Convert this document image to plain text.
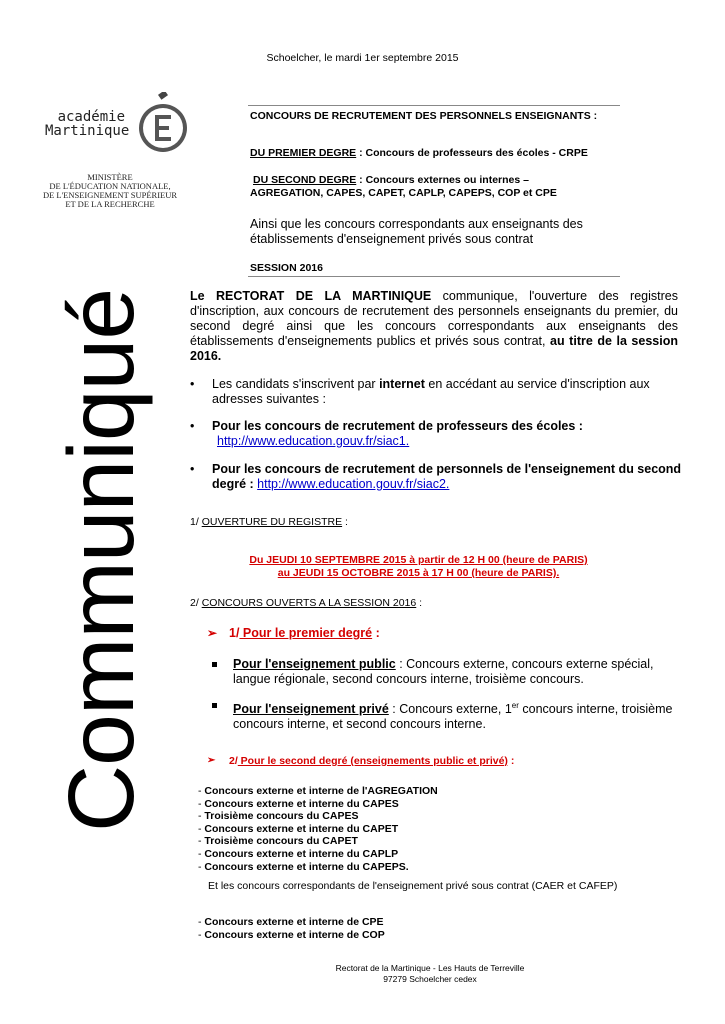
Schoelcher, le mardi 1er septembre 2015
académie
Martinique
MINISTÈRE
DE L'ÉDUCATION NATIONALE,
DE L'ENSEIGNEMENT SUPÉRIEUR
ET DE LA RECHERCHE
CONCOURS DE RECRUTEMENT DES PERSONNELS ENSEIGNANTS :
DU PREMIER DEGRE : Concours de professeurs des écoles - CRPE
DU SECOND DEGRE : Concours externes ou internes –
AGREGATION, CAPES, CAPET, CAPLP, CAPEPS, COP et CPE
Ainsi que les concours correspondants aux enseignants des
établissements d'enseignement privés sous contrat
SESSION 2016
Communiqué	Le RECTORAT DE LA MARTINIQUE communique, l'ouverture des registres d'inscription, aux concours de recrutement des personnels enseignants du premier, du second degré ainsi que les concours correspondants aux enseignants des établissements d'enseignements publics et privés sous contrat, au titre de la session 2016.
• Les candidats s'inscrivent par internet en accédant au service d'inscription aux
adresses suivantes :
• Pour les concours de recrutement de professeurs des écoles :
http://www.education.gouv.fr/siac1.
• Pour les concours de recrutement de personnels de l'enseignement du second
degré : http://www.education.gouv.fr/siac2.
1/ OUVERTURE DU REGISTRE :
Du JEUDI 10 SEPTEMBRE 2015 à partir de 12 H 00 (heure de PARIS)
au JEUDI 15 OCTOBRE 2015 à 17 H 00 (heure de PARIS).
2/ CONCOURS OUVERTS A LA SESSION 2016 :
➢ 1/ Pour le premier degré :
Pour l'enseignement public : Concours externe, concours externe spécial,
langue régionale, second concours interne, troisième concours.
Pour l'enseignement privé : Concours externe, 1er concours interne, troisième
concours interne, et second concours interne.
➢ 2/ Pour le second degré (enseignements public et privé) :
- Concours externe et interne de l'AGREGATION
- Concours externe et interne du CAPES
- Troisième concours du CAPES
- Concours externe et interne du CAPET
- Troisième concours du CAPET
- Concours externe et interne du CAPLP
- Concours externe et interne du CAPEPS.
Et les concours correspondants de l'enseignement privé sous contrat (CAER et CAFEP)
- Concours externe et interne de CPE
- Concours externe et interne de COP
Rectorat de la Martinique - Les Hauts de Terreville
97279 Schoelcher cedex
